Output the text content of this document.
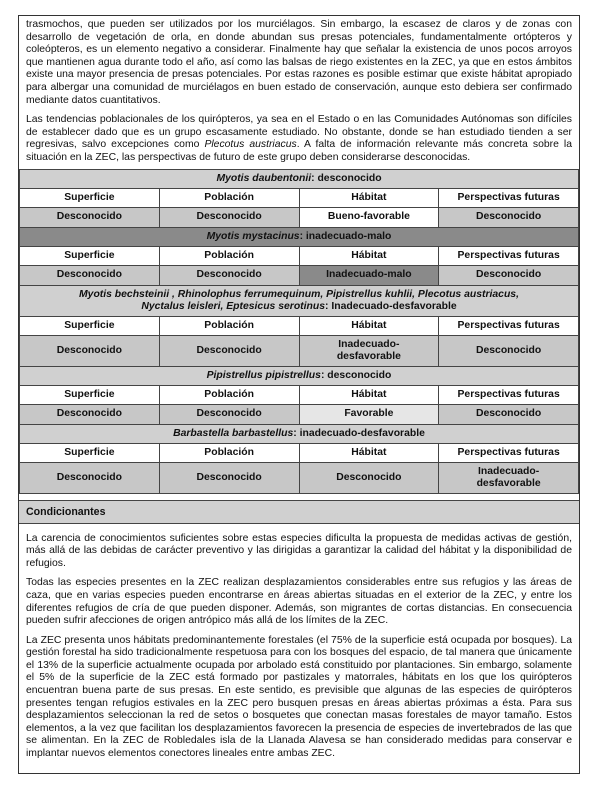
trasmochos, que pueden ser utilizados por los murciélagos. Sin embargo, la escasez de claros y de zonas con desarrollo de vegetación de orla, en donde abundan sus presas potenciales, fundamentalmente ortópteros y coleópteros, es un elemento negativo a considerar. Finalmente hay que señalar la existencia de unos pocos arroyos que mantienen agua durante todo el año, así como las balsas de riego existentes en la ZEC, ya que en estos ámbitos existe una mayor presencia de presas potenciales. Por estas razones es posible estimar que existe hábitat apropiado para albergar una comunidad de murciélagos en buen estado de conservación, aunque esto debiera ser confirmado mediante datos cuantitativos.

Las tendencias poblacionales de los quirópteros, ya sea en el Estado o en las Comunidades Autónomas son difíciles de establecer dado que es un grupo escasamente estudiado. No obstante, donde se han estudiado tienden a ser regresivas, salvo excepciones como Plecotus austriacus. A falta de información relevante más concreta sobre la situación en la ZEC, las perspectivas de futuro de este grupo deben considerarse desconocidas.

Myotis daubentonii: desconocido			
Superficie	Población	Hábitat	Perspectivas futuras
Desconocido	Desconocido	Bueno-favorable	Desconocido
Myotis mystacinus: inadecuado-malo			
Superficie	Población	Hábitat	Perspectivas futuras
Desconocido	Desconocido	Inadecuado-malo	Desconocido
Myotis bechsteinii , Rhinolophus ferrumequinum, Pipistrellus kuhlii, Plecotus austriacus,
Nyctalus leisleri, Eptesicus serotinus: Inadecuado-desfavorable			
Superficie	Población	Hábitat	Perspectivas futuras
Desconocido	Desconocido	Inadecuado-desfavorable	Desconocido
Pipistrellus pipistrellus: desconocido			
Superficie	Población	Hábitat	Perspectivas futuras
Desconocido	Desconocido	Favorable	Desconocido
Barbastella barbastellus: inadecuado-desfavorable			
Superficie	Población	Hábitat	Perspectivas futuras
Desconocido	Desconocido	Desconocido	Inadecuado-desfavorable
Condicionantes

La carencia de conocimientos suficientes sobre estas especies dificulta la propuesta de medidas activas de gestión, más allá de las debidas de carácter preventivo y las dirigidas a garantizar la calidad del hábitat y la disponibilidad de refugios.

Todas las especies presentes en la ZEC realizan desplazamientos considerables entre sus refugios y las áreas de caza, que en varias especies pueden encontrarse en áreas abiertas situadas en el exterior de la ZEC, y entre los diferentes refugios de cría de que pueden disponer. Además, son migrantes de cortas distancias. En consecuencia pueden sufrir afecciones de origen antrópico más allá de los límites de la ZEC.

La ZEC presenta unos hábitats predominantemente forestales (el 75% de la superficie está ocupada por bosques). La gestión forestal ha sido tradicionalmente respetuosa para con los bosques del espacio, de tal manera que únicamente el 13% de la superficie actualmente ocupada por arbolado está constituido por plantaciones. Sin embargo, solamente el 5% de la superficie de la ZEC está formado por pastizales y matorrales, hábitats en los que los quirópteros encuentran buena parte de sus presas. En este sentido, es previsible que algunas de las especies de quirópteros presentes tengan refugios estivales en la ZEC pero busquen presas en áreas abiertas próximas a ésta. Para sus desplazamientos seleccionan la red de setos o bosquetes que conectan masas forestales de mayor tamaño. Estos elementos, a la vez que facilitan los desplazamientos favorecen la presencia de especies de invertebrados de las que se alimentan. En la ZEC de Robledales isla de la Llanada Alavesa se han considerado medidas para conservar e implantar nuevos elementos conectores lineales entre ambas ZEC.
